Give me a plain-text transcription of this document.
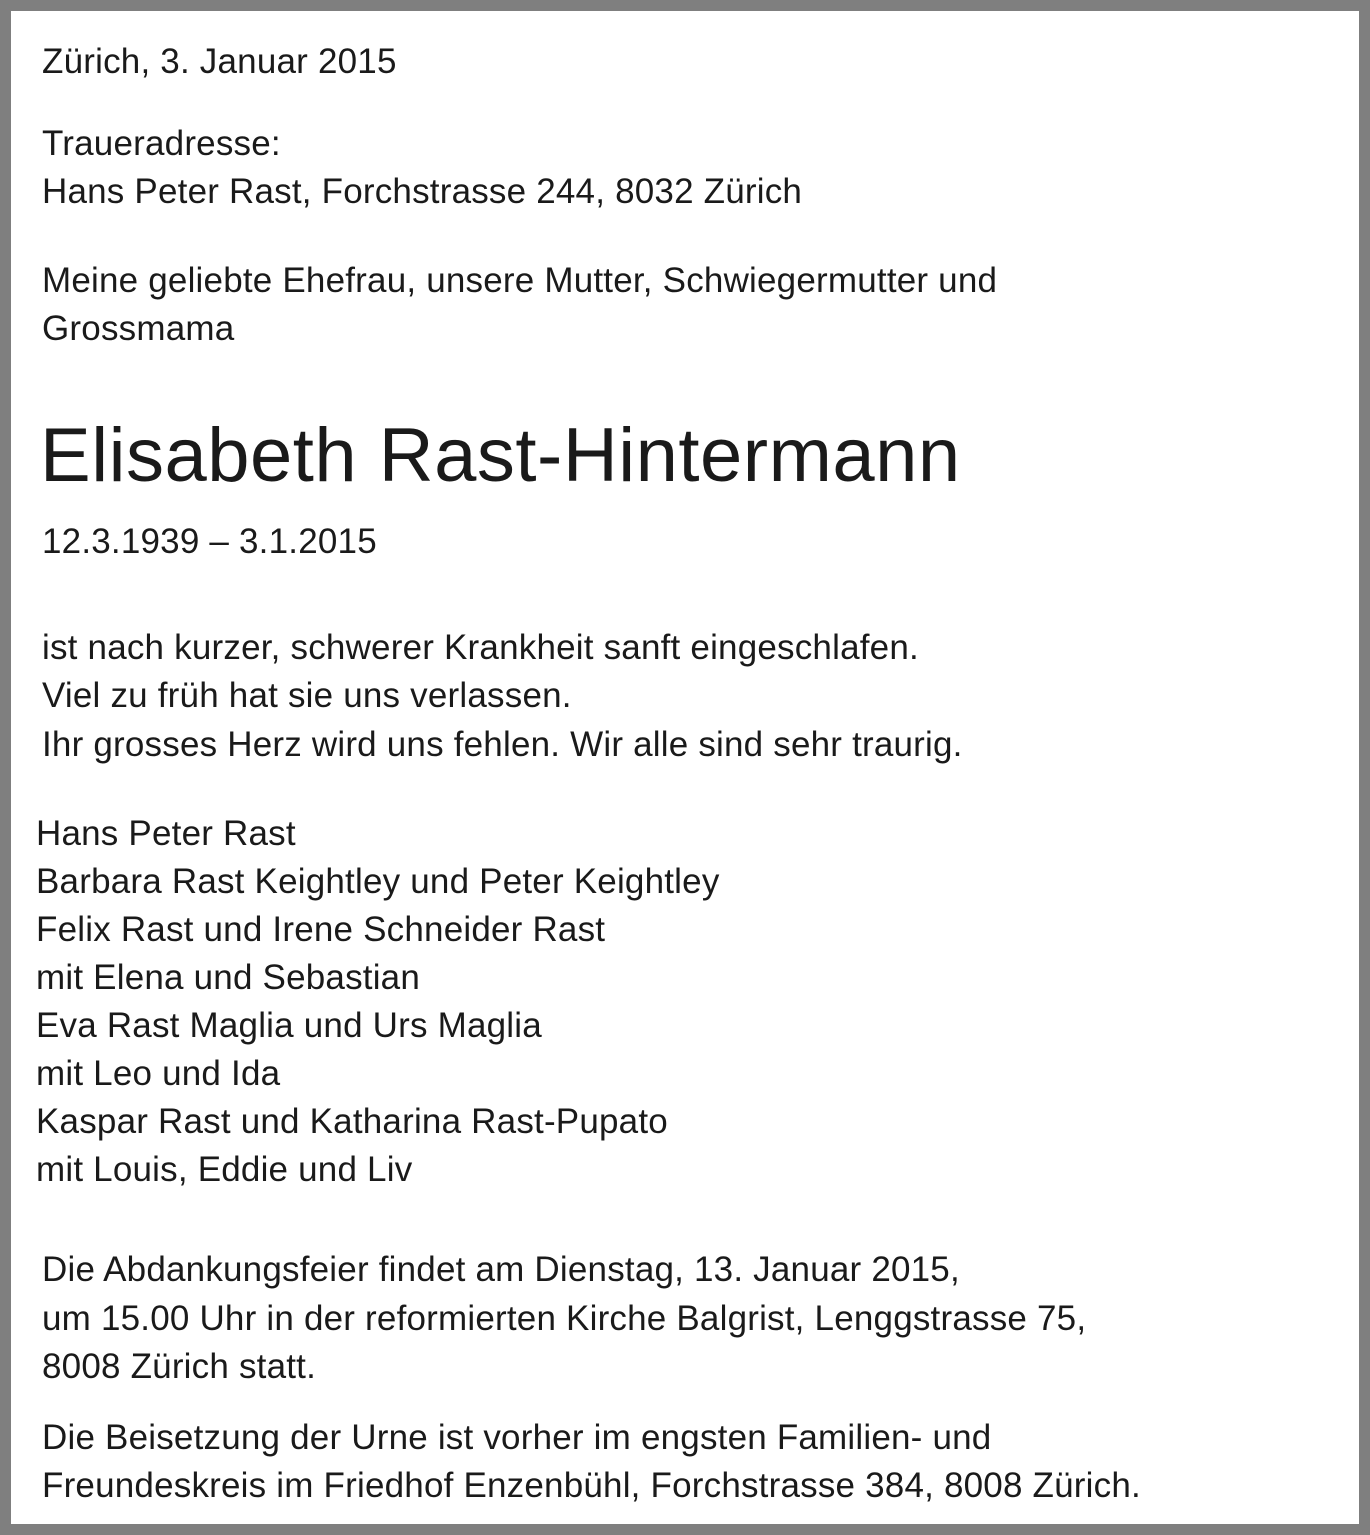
Zürich, 3. Januar 2015

Traueradresse:

Hans Peter Rast, Forchstrasse 244, 8032 Zürich

Meine geliebte Ehefrau, unsere Mutter, Schwiegermutter und

Grossmama

Elisabeth Rast-Hintermann

12.3.1939 – 3.1.2015

ist nach kurzer, schwerer Krankheit sanft eingeschlafen.

Viel zu früh hat sie uns verlassen.

Ihr grosses Herz wird uns fehlen. Wir alle sind sehr traurig.

Hans Peter Rast
Barbara Rast Keightley und Peter Keightley
Felix Rast und Irene Schneider Rast
mit Elena und Sebastian
Eva Rast Maglia und Urs Maglia
mit Leo und Ida
Kaspar Rast und Katharina Rast-Pupato
mit Louis, Eddie und Liv

Die Abdankungsfeier findet am Dienstag, 13. Januar 2015,

um 15.00 Uhr in der reformierten Kirche Balgrist, Lenggstrasse 75,

8008 Zürich statt.

Die Beisetzung der Urne ist vorher im engsten Familien- und

Freundeskreis im Friedhof Enzenbühl, Forchstrasse 384, 8008 Zürich.
